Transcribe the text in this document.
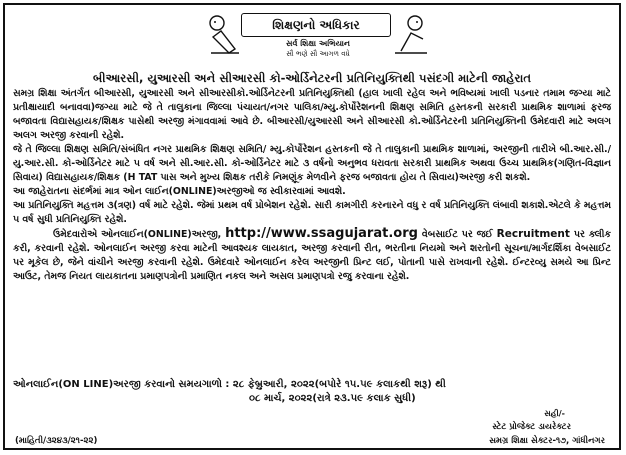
શિક્ષણનો અધિકાર
સર્વ શિક્ષા અભિયાન
સૌ ભણે સૌ આગળ વધે
બીઆરસી, યુઆરસી અને સીઆરસી કો-ઓર્ડિનેટરની પ્રતિનિયુક્તિથી પસંદગી માટેની જાહેરાત

સમગ્ર શિક્ષા અંતર્ગત બીઆરસી, યુઆરસી અને સીઆરસીકો.ઓર્ડિનેટરની પ્રતિનિયુક્તિથી (હાલ ખાલી રહેલ અને ભવિષ્યમાં ખાલી પડનાર તમામ જગ્યા માટે પ્રતીક્ષાયાદી બનાવવા)જગ્યા માટે જે તે તાલુકાના જિલ્લા પંચાયત/નગર પાલિકા/મ્યુ.કોર્પોરેશનની શિક્ષણ સમિતિ હસ્તકની સરકારી પ્રાથમિક શાળામાં ફરજ બજાવતા વિદ્યાસહાયક/શિક્ષક પાસેથી અરજી મંગાવવામાં આવે છે. બીઆરસી/યુઆરસી અને સીઆરસી કો.ઓર્ડિનેટરની પ્રતિનિયુક્તિની ઉમેદવારી માટે અલગ અલગ અરજી કરવાની રહેશે.

જે તે જિલ્લા શિક્ષણ સમિતિ/સંબંધિત નગર પ્રાથમિક શિક્ષણ સમિતિ/ મ્યુ.કોર્પોરેશન હસ્તકની જે તે તાલુકાની પ્રાથમિક શાળામાં, અરજીની તારીખે બી.આર.સી./યુ.આર.સી. કો-ઓર્ડિનેટર માટે ૫ વર્ષ અને સી.આર.સી. કો-ઓર્ડિનેટર માટે ૩ વર્ષનો અનુભવ ધરાવતા સરકારી પ્રાથમિક અથવા ઉચ્ચ પ્રાથમિક(ગણિત-વિજ્ઞાન સિવાય) વિદ્યાસહાયક/શિક્ષક (H TAT પાસ અને મુખ્ય શિક્ષક તરીકે નિમણૂંક મેળવીને ફરજ બજાવતા હોય તે સિવાય)અરજી કરી શકશે.

આ જાહેરાતના સંદર્ભમાં માત્ર ઓન લાઈન(ONLINE)અરજીઓ જ સ્વીકારવામાં આવશે.

આ પ્રતિનિયુક્તિ મહત્તમ ૩(ત્રણ) વર્ષ માટે રહેશે. જેમાં પ્રથમ વર્ષ પ્રોબેશન રહેશે. સારી કામગીરી કરનારને વધુ ર વર્ષ પ્રતિનિયુક્તિ લંબાવી શકાશે.એટલે કે મહત્તમ ૫ વર્ષ સુધી પ્રતિનિયુક્તિ રહેશે.

ઉમેદવારોએ ઓનલાઈન(ONLINE)અરજી, http://www.ssagujarat.org વેબસાઈટ પર જઈ Recruitment પર ક્લીક કરી, કરવાની રહેશે. ઓનલાઈન અરજી કરવા માટેની આવશ્યક લાયકાત, અરજી કરવાની રીત, ભરતીના નિયમો અને શરતોની સૂચના/માર્ગદર્શિકા વેબસાઈટ પર મૂકેલ છે, જેને વાંચીને અરજી કરવાની રહેશે. ઉમેદવારે ઓનલાઈન કરેલ અરજીની પ્રિન્ટ લઈ, પોતાની પાસે રાખવાની રહેશે. ઈન્ટરવ્યુ સમયે આ પ્રિન્ટ આઉટ, તેમજ નિયત લાયકાતના પ્રમાણપત્રોની પ્રમાણિત નકલ અને અસલ પ્રમાણપત્રો રજુ કરવાના રહેશે.

ઓનલાઈન(ON LINE)અરજી કરવાનો સમયગાળો : ૨૮ ફેબ્રુઆરી, ૨૦૨૨(બપોરે ૧૫.૫૯ કલાકથી શરૂ) થી
૦૮ માર્ચ, ૨૦૨૨(રાત્રે ૨૩.૫૯ કલાક સુધી)
સહી/-
સ્ટેટ પ્રોજેક્ટ ડાયરેક્ટર
સમગ્ર શિક્ષા સેક્ટર-૧૭, ગાંધીનગર
(માહિતી/૩૨૪૩/૨૧-૨૨)
